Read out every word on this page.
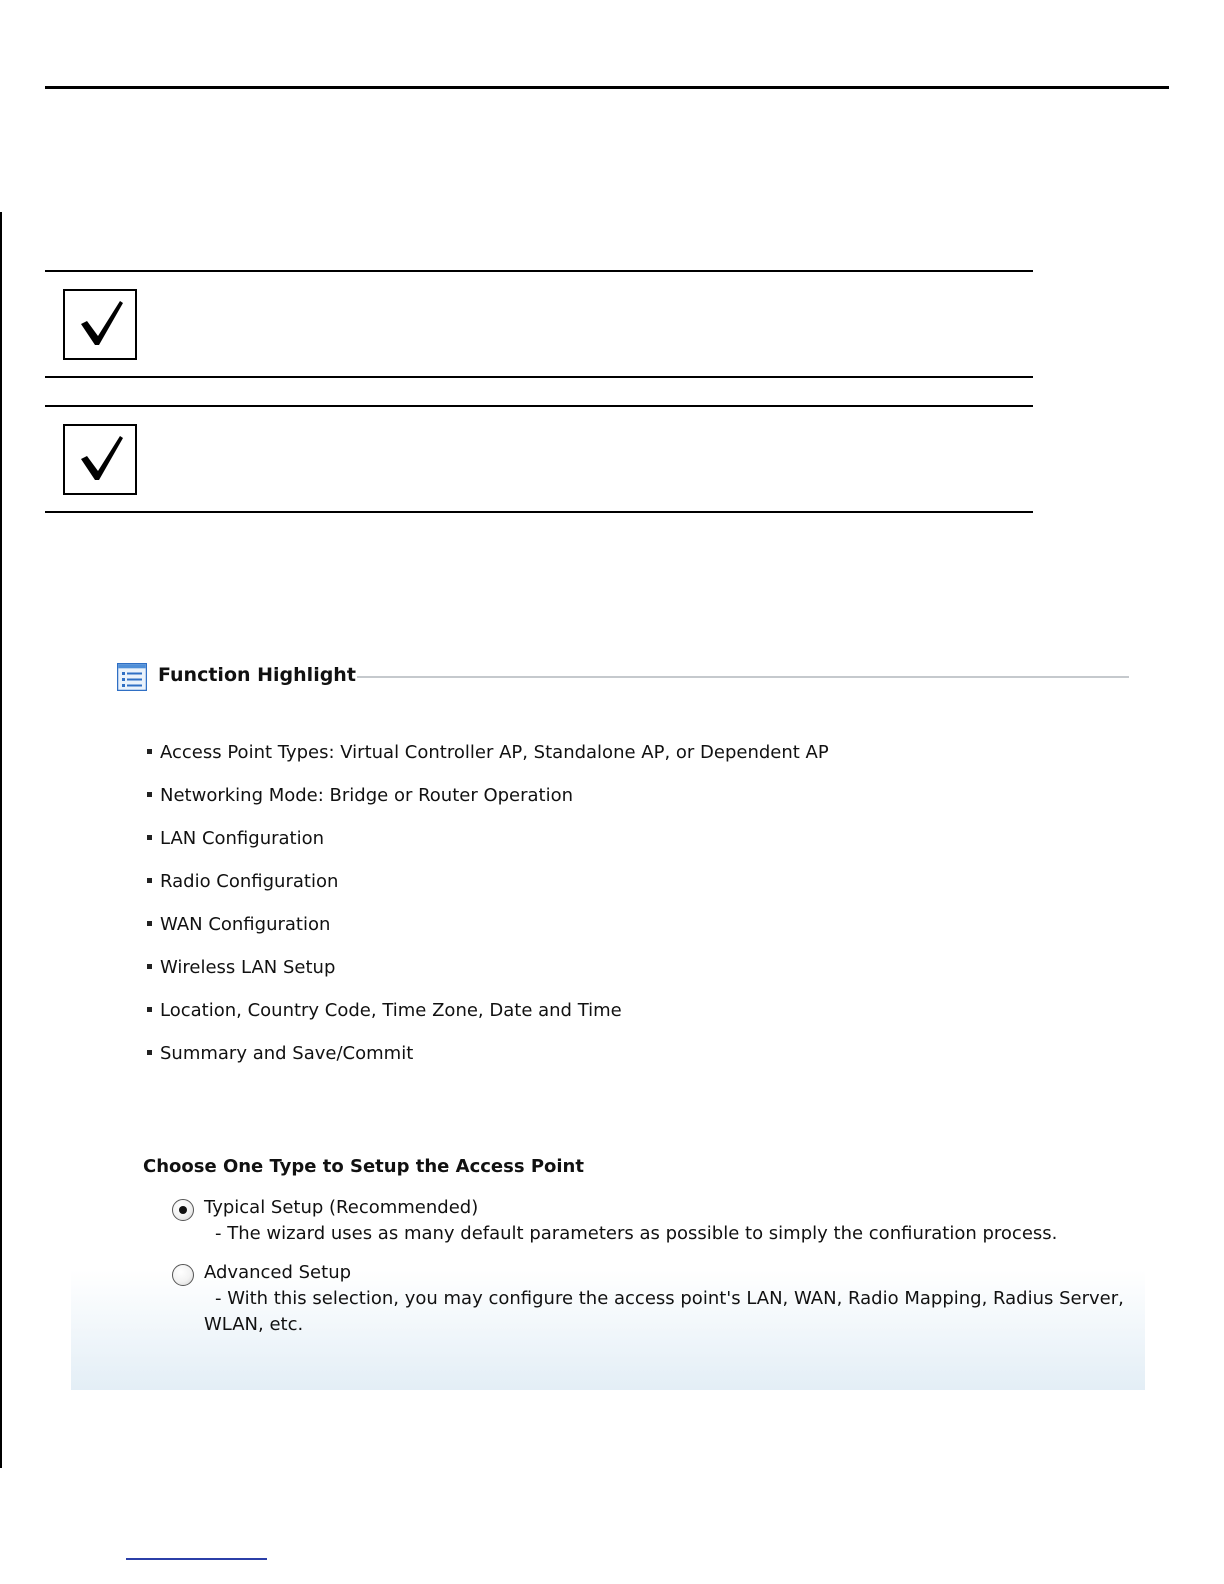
Function Highlight
Access Point Types: Virtual Controller AP, Standalone AP, or Dependent AP
Networking Mode: Bridge or Router Operation
LAN Configuration
Radio Configuration
WAN Configuration
Wireless LAN Setup
Location, Country Code, Time Zone, Date and Time
Summary and Save/Commit
Choose One Type to Setup the Access Point
Typical Setup (Recommended)
- The wizard uses as many default parameters as possible to simply the confiuration process.
Advanced Setup
- With this selection, you may configure the access point's LAN, WAN, Radio Mapping, Radius Server, WLAN, etc.
